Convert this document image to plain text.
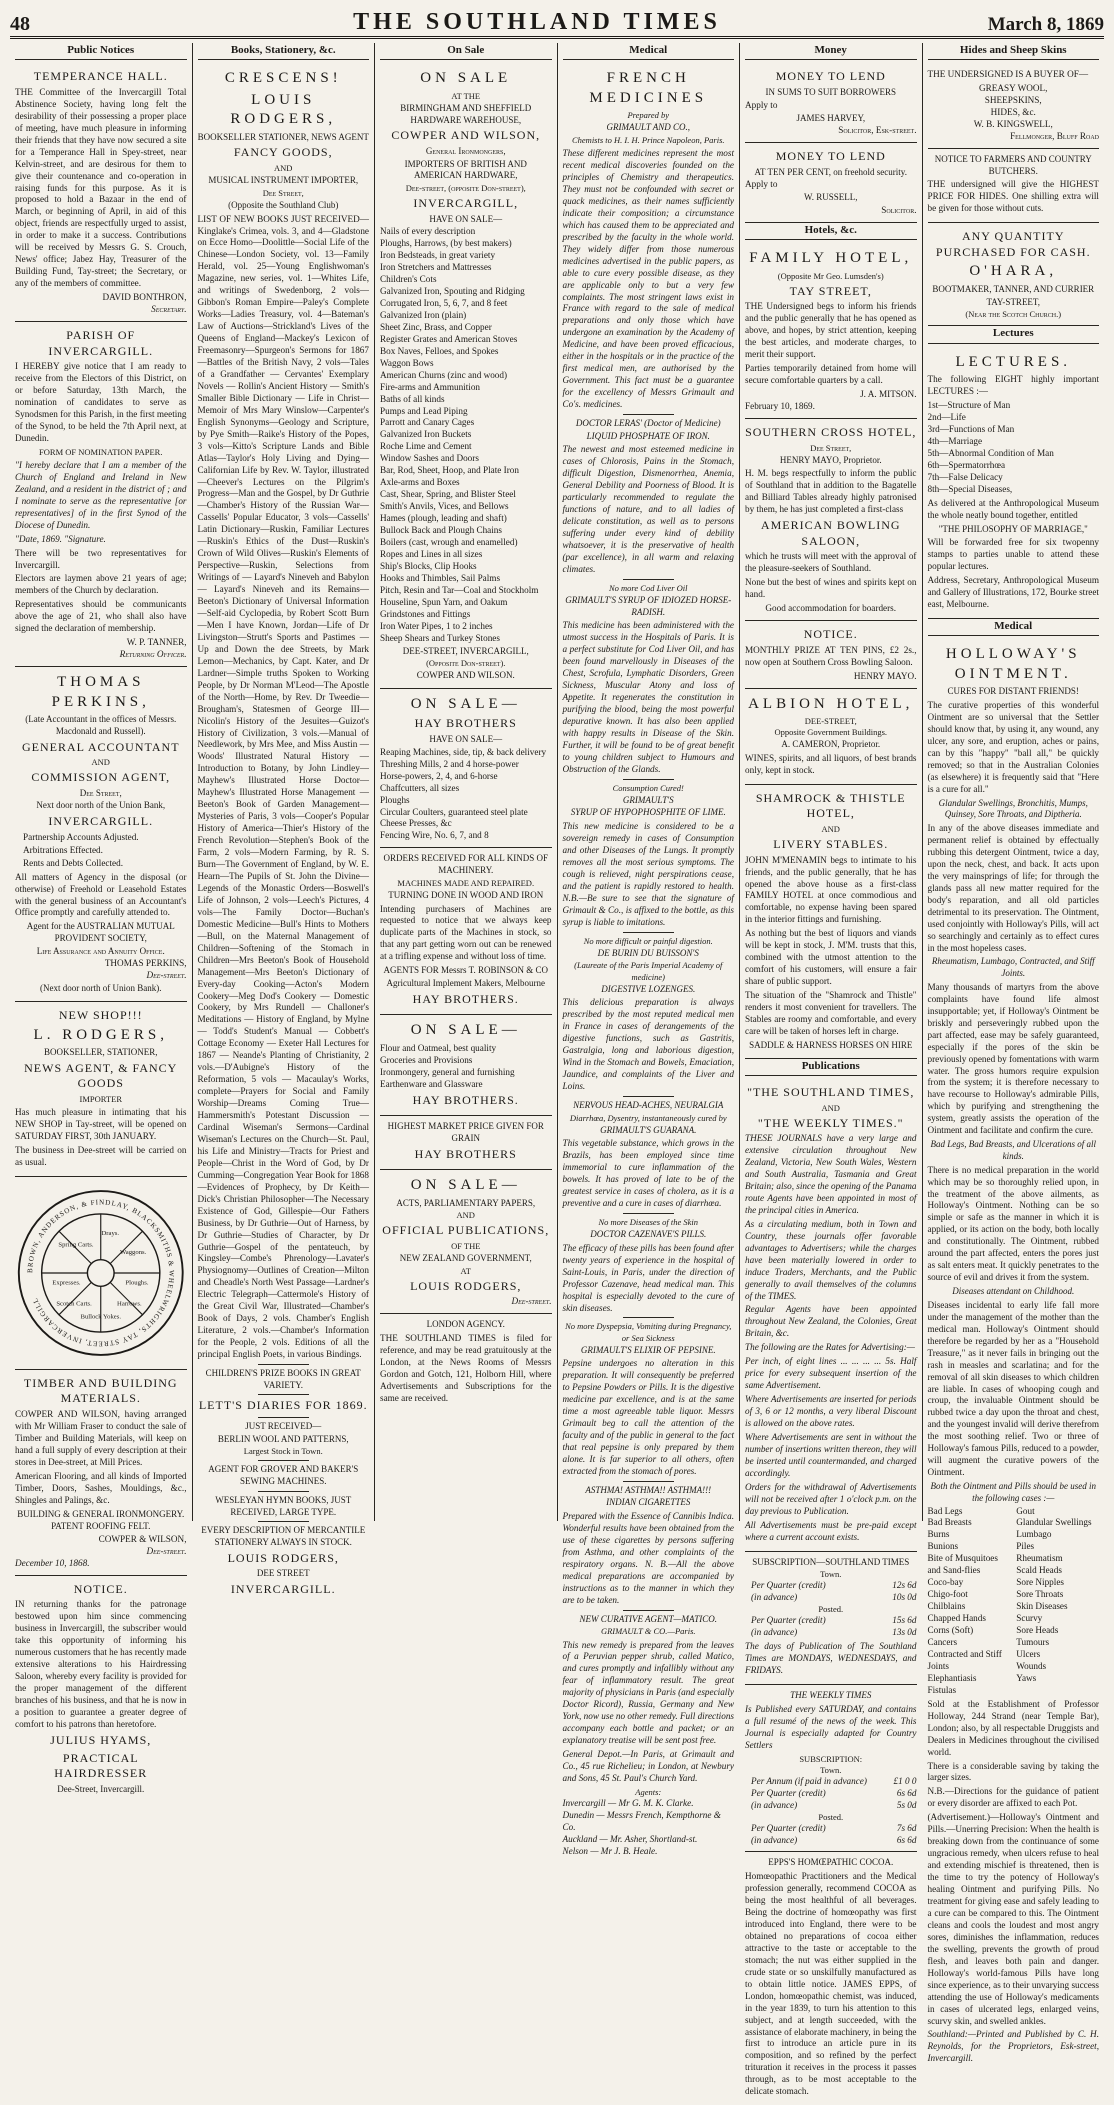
48	THE SOUTHLAND TIMES	March 8, 1869
Public Notices
TEMPERANCE HALL.

THE Committee of the Invercargill Total Abstinence Society, having long felt the desirability of their possessing a proper place of meeting, have much pleasure in informing their friends that they have now secured a site for a Temperance Hall in Spey-street, near Kelvin-street, and are desirous for them to give their countenance and co-operation in raising funds for this purpose. As it is proposed to hold a Bazaar in the end of March, or beginning of April, in aid of this object, friends are respectfully urged to assist, in order to make it a success. Contributions will be received by Messrs G. S. Crouch, News' office; Jabez Hay, Treasurer of the Building Fund, Tay-street; the Secretary, or any of the members of committee.

DAVID BONTHRON,
Secretary.
PARISH OF INVERCARGILL.

I HEREBY give notice that I am ready to receive from the Electors of this District, on or before Saturday, 13th March, the nomination of candidates to serve as Synodsmen for this Parish, in the first meeting of the Synod, to be held the 7th April next, at Dunedin.

FORM OF NOMINATION PAPER.

"I hereby declare that I am a member of the Church of England and Ireland in New Zealand, and a resident in the district of ; and I nominate to serve as the representative [or representatives] of in the first Synod of the Diocese of Dunedin.

"Date, 1869. "Signature.

There will be two representatives for Invercargill.

Electors are laymen above 21 years of age; members of the Church by declaration.

Representatives should be communicants above the age of 21, who shall also have signed the declaration of membership.

W. P. TANNER,
Returning Officer.
THOMAS PERKINS,
(Late Accountant in the offices of Messrs. Macdonald and Russell).
GENERAL ACCOUNTANT
AND
COMMISSION AGENT,
Dee Street,
Next door north of the Union Bank,
INVERCARGILL.
Partnership Accounts Adjusted.
Arbitrations Effected.
Rents and Debts Collected.

All matters of Agency in the disposal (or otherwise) of Freehold or Leasehold Estates with the general business of an Accountant's Office promptly and carefully attended to.

Agent for the AUSTRALIAN MUTUAL PROVIDENT SOCIETY,
Life Assurance and Annuity Office.
THOMAS PERKINS,
Dee-street.
(Next door north of Union Bank).
NEW SHOP!!!
L. RODGERS,
BOOKSELLER, STATIONER,
NEWS AGENT, & FANCY GOODS
IMPORTER

Has much pleasure in intimating that his NEW SHOP in Tay-street, will be opened on SATURDAY FIRST, 30th JANUARY.

The business in Dee-street will be carried on as usual.

BROWN, ANDERSON, & FINDLAY, BLACKSMITHS & WHEELWRIGHTS, TAY STREET, INVERCARGILL
Drays.
Waggons.
Spring Carts.
Ploughs.
Expresses.
Harrows.
Scotch Carts.
Bullock Yokes.
TIMBER AND BUILDING MATERIALS.

COWPER AND WILSON, having arranged with Mr William Fraser to conduct the sale of Timber and Building Materials, will keep on hand a full supply of every description at their stores in Dee-street, at Mill Prices.

American Flooring, and all kinds of Imported Timber, Doors, Sashes, Mouldings, &c., Shingles and Palings, &c.

BUILDING & GENERAL IRONMONGERY.
PATENT ROOFING FELT.
COWPER & WILSON,
Dee-street.
December 10, 1868.
NOTICE.

IN returning thanks for the patronage bestowed upon him since commencing business in Invercargill, the subscriber would take this opportunity of informing his numerous customers that he has recently made extensive alterations to his Hairdressing Saloon, whereby every facility is provided for the proper management of the different branches of his business, and that he is now in a position to guarantee a greater degree of comfort to his patrons than heretofore.

JULIUS HYAMS,
PRACTICAL HAIRDRESSER
Dee-Street, Invercargill.
Books, Stationery, &c.
CRESCENS!
LOUIS RODGERS,
BOOKSELLER STATIONER, NEWS AGENT
FANCY GOODS,
AND
MUSICAL INSTRUMENT IMPORTER,
Dee Street,
(Opposite the Southland Club)

LIST OF NEW BOOKS JUST RECEIVED— Kinglake's Crimea, vols. 3, and 4—Gladstone on Ecce Homo—Doolittle—Social Life of the Chinese—London Society, vol. 13—Family Herald, vol. 25—Young Englishwoman's Magazine, new series, vol. 1—Whites Life, and writings of Swedenborg, 2 vols—Gibbon's Roman Empire—Paley's Complete Works—Ladies Treasury, vol. 4—Bateman's Law of Auctions—Strickland's Lives of the Queens of England—Mackey's Lexicon of Freemasonry—Spurgeon's Sermons for 1867—Battles of the British Navy, 2 vols—Tales of a Grandfather — Cervantes' Exemplary Novels — Rollin's Ancient History — Smith's Smaller Bible Dictionary — Life in Christ—Memoir of Mrs Mary Winslow—Carpenter's English Synonyms—Geology and Scripture, by Pye Smith—Raike's History of the Popes, 3 vols—Kitto's Scripture Lands and Bible Atlas—Taylor's Holy Living and Dying—Californian Life by Rev. W. Taylor, illustrated—Cheever's Lectures on the Pilgrim's Progress—Man and the Gospel, by Dr Guthrie—Chamber's History of the Russian War—Cassells' Popular Educator, 3 vols—Cassells' Latin Dictionary—Ruskin, Familiar Lectures—Ruskin's Ethics of the Dust—Ruskin's Crown of Wild Olives—Ruskin's Elements of Perspective—Ruskin, Selections from Writings of — Layard's Nineveh and Babylon — Layard's Nineveh and its Remains—Beeton's Dictionary of Universal Information —Self-aid Cyclopedia, by Robert Scott Burn—Men I have Known, Jordan—Life of Dr Livingston—Strutt's Sports and Pastimes —Up and Down the dee Streets, by Mark Lemon—Mechanics, by Capt. Kater, and Dr Lardner—Simple truths Spoken to Working People, by Dr Norman M'Leod—The Apostle of the North—Home, by Rev. Dr Tweedie—Brougham's, Statesmen of George III—Nicolin's History of the Jesuites—Guizot's History of Civilization, 3 vols.—Manual of Needlework, by Mrs Mee, and Miss Austin — Woods' Illustrated Natural History — Introduction to Botany, by John Lindley—Mayhew's Illustrated Horse Doctor—Mayhew's Illustrated Horse Management — Beeton's Book of Garden Management— Mysteries of Paris, 3 vols—Cooper's Popular History of America—Thier's History of the French Revolution—Stephen's Book of the Farm, 2 vols—Modern Farming, by R. S. Burn—The Government of England, by W. E. Hearn—The Pupils of St. John the Divine—Legends of the Monastic Orders—Boswell's Life of Johnson, 2 vols—Leech's Pictures, 4 vols—The Family Doctor—Buchan's Domestic Medicine—Bull's Hints to Mothers—Bull, on the Maternal Management of Children—Softening of the Stomach in Children—Mrs Beeton's Book of Household Management—Mrs Beeton's Dictionary of Every-day Cooking—Acton's Modern Cookery—Meg Dod's Cookery — Domestic Cookery, by Mrs Rundell — Challoner's Meditations — History of England, by Mylne — Todd's Student's Manual — Cobbett's Cottage Economy — Exeter Hall Lectures for 1867 — Neande's Planting of Christianity, 2 vols.—D'Aubigne's History of the Reformation, 5 vols — Macaulay's Works, complete—Prayers for Social and Family Worship—Dreams Coming True—Hammersmith's Potestant Discussion — Cardinal Wiseman's Sermons—Cardinal Wiseman's Lectures on the Church—St. Paul, his Life and Ministry—Tracts for Priest and People—Christ in the Word of God, by Dr Cumming—Congregation Year Book for 1868—Evidences of Prophecy, by Dr Keith—Dick's Christian Philosopher—The Necessary Existence of God, Gillespie—Our Fathers Business, by Dr Guthrie—Out of Harness, by Dr Guthrie—Studies of Character, by Dr Guthrie—Gospel of the pentateuch, by Kingsley—Combe's Phrenology—Lavater's Physiognomy—Outlines of Creation—Milton and Cheadle's North West Passage—Lardner's Electric Telegraph—Cattermole's History of the Great Civil War, Illustrated—Chamber's Book of Days, 2 vols. Chamber's English Literature, 2 vols.—Chamber's Information for the People, 2 vols. Editions of all the principal English Poets, in various Bindings.

CHILDREN'S PRIZE BOOKS IN GREAT VARIETY.
LETT'S DIARIES FOR 1869.
JUST RECEIVED—
BERLIN WOOL AND PATTERNS,
Largest Stock in Town.
AGENT FOR GROVER AND BAKER'S SEWING MACHINES.
WESLEYAN HYMN BOOKS, JUST RECEIVED, LARGE TYPE.
EVERY DESCRIPTION OF MERCANTILE STATIONERY ALWAYS IN STOCK.
LOUIS RODGERS,
DEE STREET
INVERCARGILL.
On Sale
ON SALE
AT THE
BIRMINGHAM AND SHEFFIELD HARDWARE WAREHOUSE,
COWPER AND WILSON,
General Ironmongers,
IMPORTERS OF BRITISH AND AMERICAN HARDWARE,
Dee-street, (opposite Don-street),
INVERCARGILL,
HAVE ON SALE—
Nails of every description
Ploughs, Harrows, (by best makers)
Iron Bedsteads, in great variety
Iron Stretchers and Mattresses
Children's Cots
Galvanized Iron, Spouting and Ridging
Corrugated Iron, 5, 6, 7, and 8 feet
Galvanized Iron (plain)
Sheet Zinc, Brass, and Copper
Register Grates and American Stoves
Box Naves, Felloes, and Spokes
Waggon Bows
American Churns (zinc and wood)
Fire-arms and Ammunition
Baths of all kinds
Pumps and Lead Piping
Parrott and Canary Cages
Galvanized Iron Buckets
Roche Lime and Cement
Window Sashes and Doors
Bar, Rod, Sheet, Hoop, and Plate Iron
Axle-arms and Boxes
Cast, Shear, Spring, and Blister Steel
Smith's Anvils, Vices, and Bellows
Hames (plough, leading and shaft)
Bullock Back and Plough Chains
Boilers (cast, wrough and enamelled)
Ropes and Lines in all sizes
Ship's Blocks, Clip Hooks
Hooks and Thimbles, Sail Palms
Pitch, Resin and Tar—Coal and Stockholm
Houseline, Spun Yarn, and Oakum
Grindstones and Fittings
Iron Water Pipes, 1 to 2 inches
Sheep Shears and Turkey Stones
DEE-STREET, INVERCARGILL,
(Opposite Don-street).
COWPER AND WILSON.
ON SALE—
HAY BROTHERS
HAVE ON SALE—
Reaping Machines, side, tip, & back delivery
Threshing Mills, 2 and 4 horse-power
Horse-powers, 2, 4, and 6-horse
Chaffcutters, all sizes
Ploughs
Circular Coulters, guaranteed steel plate
Cheese Presses, &c
Fencing Wire, No. 6, 7, and 8
ORDERS RECEIVED FOR ALL KINDS OF MACHINERY.
MACHINES MADE AND REPAIRED.
TURNING DONE IN WOOD AND IRON

Intending purchasers of Machines are requested to notice that we always keep duplicate parts of the Machines in stock, so that any part getting worn out can be renewed at a trifling expense and without loss of time.

AGENTS FOR Messrs T. ROBINSON & CO
Agricultural Implement Makers, Melbourne
HAY BROTHERS.
ON SALE—
Flour and Oatmeal, best quality
Groceries and Provisions
Ironmongery, general and furnishing
Earthenware and Glassware
HAY BROTHERS.
HIGHEST MARKET PRICE GIVEN FOR GRAIN
HAY BROTHERS
ON SALE—
ACTS, PARLIAMENTARY PAPERS,
AND
OFFICIAL PUBLICATIONS,
OF THE
NEW ZEALAND GOVERNMENT,
AT
LOUIS RODGERS,
Dee-street.
LONDON AGENCY.

THE SOUTHLAND TIMES is filed for reference, and may be read gratuitously at the London, at the News Rooms of Messrs Gordon and Gotch, 121, Holborn Hill, where Advertisements and Subscriptions for the same are received.

Medical
FRENCH MEDICINES
Prepared by
GRIMAULT AND CO.,
Chemists to H. I. H. Prince Napoleon, Paris.

These different medicines represent the most recent medical discoveries founded on the principles of Chemistry and therapeutics. They must not be confounded with secret or quack medicines, as their names sufficiently indicate their composition; a circumstance which has caused them to be appreciated and prescribed by the faculty in the whole world. They widely differ from those numerous medicines advertised in the public papers, as able to cure every possible disease, as they are applicable only to but a very few complaints. The most stringent laws exist in France with regard to the sale of medical preparations and only those which have undergone an examination by the Academy of Medicine, and have been proved efficacious, either in the hospitals or in the practice of the first medical men, are authorised by the Government. This fact must be a guarantee for the excellency of Messrs Grimault and Co's. medicines.

DOCTOR LERAS' (Doctor of Medicine)
LIQUID PHOSPHATE OF IRON.

The newest and most esteemed medicine in cases of Chlorosis, Pains in the Stomach, difficult Digestion, Dismenorrhea, Anemia, General Debility and Poorness of Blood. It is particularly recommended to regulate the functions of nature, and to all ladies of delicate constitution, as well as to persons suffering under every kind of debility whatsoever, it is the preservative of health (par excellence), in all warm and relaxing climates.

No more Cod Liver Oil
GRIMAULT'S SYRUP OF IDIOZED HORSE-RADISH.

This medicine has been administered with the utmost success in the Hospitals of Paris. It is a perfect substitute for Cod Liver Oil, and has been found marvellously in Diseases of the Chest, Scrofula, Lymphatic Disorders, Green Sickness, Muscular Atony and loss of Appetite. It regenerates the constitution in purifying the blood, being the most powerful depurative known. It has also been applied with happy results in Disease of the Skin. Further, it will be found to be of great benefit to young children subject to Humours and Obstruction of the Glands.

Consumption Cured!
GRIMAULT'S
SYRUP OF HYPOPHOSPHITE OF LIME.

This new medicine is considered to be a sovereign remedy in cases of Consumption and other Diseases of the Lungs. It promptly removes all the most serious symptoms. The cough is relieved, night perspirations cease, and the patient is rapidly restored to health. N.B.—Be sure to see that the signature of Grimault & Co., is affixed to the bottle, as this syrup is liable to imitations.

No more difficult or painful digestion.
DE BURIN DU BUISSON'S
(Laureate of the Paris Imperial Academy of medicine)
DIGESTIVE LOZENGES.

This delicious preparation is always prescribed by the most reputed medical men in France in cases of derangements of the digestive functions, such as Gastritis, Gastralgia, long and laborious digestion, Wind in the Stomach and Bowels, Emaciation, Jaundice, and complaints of the Liver and Loins.

NERVOUS HEAD-ACHES, NEURALGIA
Diarrhœa, Dysentry, instantaneously cured by
GRIMAULT'S GUARANA.

This vegetable substance, which grows in the Brazils, has been employed since time immemorial to cure inflammation of the bowels. It has proved of late to be of the greatest service in cases of cholera, as it is a preventive and a cure in cases of diarrhœa.

No more Diseases of the Skin
DOCTOR CAZENAVE'S PILLS.

The efficacy of these pills has been found after twenty years of experience in the hospital of Saint-Louis, in Paris, under the direction of Professor Cazenave, head medical man. This hospital is especially devoted to the cure of skin diseases.

No more Dyspepsia, Vomiting during Pregnancy, or Sea Sickness
GRIMAULT'S ELIXIR OF PEPSINE.

Pepsine undergoes no alteration in this preparation. It will consequently be preferred to Pepsine Powders or Pills. It is the digestive medicine par excellence, and is at the same time a most agreeable table liquor. Messrs Grimault beg to call the attention of the faculty and of the public in general to the fact that real pepsine is only prepared by them alone. It is far superior to all others, often extracted from the stomach of pores.

ASTHMA! ASTHMA!! ASTHMA!!!
INDIAN CIGARETTES

Prepared with the Essence of Cannibis Indica. Wonderful results have been obtained from the use of these cigarettes by persons suffering from Asthma, and other complaints of the respiratory organs. N. B.—All the above medical preparations are accompanied by instructions as to the manner in which they are to be taken.

NEW CURATIVE AGENT—MATICO.
GRIMAULT & CO.—Paris.

This new remedy is prepared from the leaves of a Peruvian pepper shrub, called Matico, and cures promptly and infallibly without any fear of inflammatory result. The great majority of physicians in Paris (and especially Doctor Ricord), Russia, Germany and New York, now use no other remedy. Full directions accompany each bottle and packet; or an explanatory treatise will be sent post free.

General Depot.—In Paris, at Grimault and Co., 45 rue Richelieu; in London, at Newbury and Sons, 45 St. Paul's Church Yard.

Agents:
Invercargill — Mr G. M. K. Clarke.
Dunedin — Messrs French, Kempthorne & Co.
Auckland — Mr. Asher, Shortland-st.
Nelson — Mr J. B. Heale.
Money
MONEY TO LEND
IN SUMS TO SUIT BORROWERS
Apply to
JAMES HARVEY,
Solicitor, Esk-street.
MONEY TO LEND
AT TEN PER CENT, on freehold security.
Apply to
W. RUSSELL,
Solicitor.
Hotels, &c.
FAMILY HOTEL,
(Opposite Mr Geo. Lumsden's)
TAY STREET,

THE Undersigned begs to inform his friends and the public generally that he has opened as above, and hopes, by strict attention, keeping the best articles, and moderate charges, to merit their support.

Parties temporarily detained from home will secure comfortable quarters by a call.

J. A. MITSON.
February 10, 1869.
SOUTHERN CROSS HOTEL,
Dee Street,
HENRY MAYO, Proprietor.

H. M. begs respectfully to inform the public of Southland that in addition to the Bagatelle and Billiard Tables already highly patronised by them, he has just completed a first-class

AMERICAN BOWLING SALOON,

which he trusts will meet with the approval of the pleasure-seekers of Southland.

None but the best of wines and spirits kept on hand.

Good accommodation for boarders.
NOTICE.

MONTHLY PRIZE AT TEN PINS, £2 2s., now open at Southern Cross Bowling Saloon.

HENRY MAYO.
ALBION HOTEL,
DEE-STREET,
Opposite Government Buildings.
A. CAMERON, Proprietor.

WINES, spirits, and all liquors, of best brands only, kept in stock.

SHAMROCK & THISTLE HOTEL,
AND
LIVERY STABLES.

JOHN M'MENAMIN begs to intimate to his friends, and the public generally, that he has opened the above house as a first-class FAMILY HOTEL at once commodious and comfortable, no expense having been spared in the interior fittings and furnishing.

As nothing but the best of liquors and viands will be kept in stock, J. M'M. trusts that this, combined with the utmost attention to the comfort of his customers, will ensure a fair share of public support.

The situation of the "Shamrock and Thistle" renders it most convenient for travellers. The Stables are roomy and comfortable, and every care will be taken of horses left in charge.

SADDLE & HARNESS HORSES ON HIRE
Publications
"THE SOUTHLAND TIMES,
AND
"THE WEEKLY TIMES."

THESE JOURNALS have a very large and extensive circulation throughout New Zealand, Victoria, New South Wales, Western and South Australia, Tasmania and Great Britain; also, since the opening of the Panama route Agents have been appointed in most of the principal cities in America.

As a circulating medium, both in Town and Country, these journals offer favorable advantages to Advertisers; while the charges have been materially lowered in order to induce Traders, Merchants, and the Public generally to avail themselves of the columns of the TIMES.

Regular Agents have been appointed throughout New Zealand, the Colonies, Great Britain, &c.

The following are the Rates for Advertising:—

Per inch, of eight lines ... ... ... ... 5s. Half price for every subsequent insertion of the same Advertisement.

Where Advertisements are inserted for periods of 3, 6 or 12 months, a very liberal Discount is allowed on the above rates.

Where Advertisements are sent in without the number of insertions written thereon, they will be inserted until countermanded, and charged accordingly.

Orders for the withdrawal of Advertisements will not be received after 1 o'clock p.m. on the day previous to Publication.

All Advertisements must be pre-paid except where a current account exists.

SUBSCRIPTION—SOUTHLAND TIMES
Town.
Per Quarter (credit)	12s 6d
(in advance)	10s 0d
Posted.
Per Quarter (credit)	15s 6d
(in advance)	13s 0d

The days of Publication of The Southland Times are MONDAYS, WEDNESDAYS, and FRIDAYS.

THE WEEKLY TIMES

Is Published every SATURDAY, and contains a full resumé of the news of the week. This Journal is especially adapted for Country Settlers

SUBSCRIPTION:
Town.
Per Annum (if paid in advance)	£1 0 0
Per Quarter (credit)	6s 6d
(in advance)	5s 0d
Posted.
Per Quarter (credit)	7s 6d
(in advance)	6s 6d
EPPS'S HOMŒPATHIC COCOA.

Homœopathic Practitioners and the Medical profession generally, recommend COCOA as being the most healthful of all beverages. Being the doctrine of homœopathy was first introduced into England, there were to be obtained no preparations of cocoa either attractive to the taste or acceptable to the stomach; the nut was either supplied in the crude state or so unskilfully manufactured as to obtain little notice. JAMES EPPS, of London, homœopathic chemist, was induced, in the year 1839, to turn his attention to this subject, and at length succeeded, with the assistance of elaborate machinery, in being the first to introduce an article pure in its composition, and so refined by the perfect trituration it receives in the process it passes through, as to be most acceptable to the delicate stomach.

Hides and Sheep Skins

THE UNDERSIGNED IS A BUYER OF—

GREASY WOOL,
SHEEPSKINS,
HIDES, &c.
W. B. KINGSWELL,
Fellmonger, Bluff Road
NOTICE TO FARMERS AND COUNTRY BUTCHERS.

THE undersigned will give the HIGHEST PRICE FOR HIDES. One shilling extra will be given for those without cuts.

ANY QUANTITY PURCHASED FOR CASH.
O'HARA,
BOOTMAKER, TANNER, AND CURRIER
TAY-STREET,
(Near the Scotch Church.)
Lectures
LECTURES.

The following EIGHT highly important LECTURES :—

1st—Structure of Man
2nd—Life
3rd—Functions of Man
4th—Marriage
5th—Abnormal Condition of Man
6th—Spermatorrhœa
7th—False Delicacy
8th—Special Diseases,

As delivered at the Anthropological Museum the whole neatly bound together, entitled

"THE PHILOSOPHY OF MARRIAGE,"

Will be forwarded free for six twopenny stamps to parties unable to attend these popular lectures.

Address, Secretary, Anthropological Museum and Gallery of Illustrations, 172, Bourke street east, Melbourne.

Medical
HOLLOWAY'S OINTMENT.
CURES FOR DISTANT FRIENDS!

The curative properties of this wonderful Ointment are so universal that the Settler should know that, by using it, any wound, any ulcer, any sore, and eruption, aches or pains, can by this "happy" "ball all," be quickly removed; so that in the Australian Colonies (as elsewhere) it is frequently said that "Here is a cure for all."

Glandular Swellings, Bronchitis, Mumps, Quinsey, Sore Throats, and Diptheria.

In any of the above diseases immediate and permanent relief is obtained by effectually rubbing this detergent Ointment, twice a day, upon the neck, chest, and back. It acts upon the very mainsprings of life; for through the glands pass all new matter required for the body's reparation, and all old particles detrimental to its preservation. The Ointment, used conjointly with Holloway's Pills, will act so searchingly and certainly as to effect cures in the most hopeless cases.

Rheumatism, Lumbago, Contracted, and Stiff Joints.

Many thousands of martyrs from the above complaints have found life almost insupportable; yet, if Holloway's Ointment be briskly and perseveringly rubbed upon the part affected, ease may be safely guaranteed, especially if the pores of the skin be previously opened by fomentations with warm water. The gross humors require expulsion from the system; it is therefore necessary to have recourse to Holloway's admirable Pills, which by purifying and strengthening the system, greatly assists the operation of the Ointment and facilitate and confirm the cure.

Bad Legs, Bad Breasts, and Ulcerations of all kinds.

There is no medical preparation in the world which may be so thoroughly relied upon, in the treatment of the above ailments, as Holloway's Ointment. Nothing can be so simple or safe as the manner in which it is applied, or its action on the body, both locally and constitutionally. The Ointment, rubbed around the part affected, enters the pores just as salt enters meat. It quickly penetrates to the source of evil and drives it from the system.

Diseases attendant on Childhood.

Diseases incidental to early life fall more under the management of the mother than the medical man. Holloway's Ointment should therefore be regarded by her as a "Household Treasure," as it never fails in bringing out the rash in measles and scarlatina; and for the removal of all skin diseases to which children are liable. In cases of whooping cough and croup, the invaluable Ointment should be rubbed twice a day upon the throat and chest, and the youngest invalid will derive therefrom the most soothing relief. Two or three of Holloway's famous Pills, reduced to a powder, will augment the curative powers of the Ointment.

Both the Ointment and Pills should be used in the following cases :—
Bad Legs
Bad Breasts
Burns
Bunions
Bite of Musquitoes and Sand-flies
Coco-bay
Chigo-foot
Chilblains
Chapped Hands
Corns (Soft)
Cancers
Contracted and Stiff Joints
Elephantiasis
Fistulas
Gout
Glandular Swellings
Lumbago
Piles
Rheumatism
Scald Heads
Sore Nipples
Sore Throats
Skin Diseases
Scurvy
Sore Heads
Tumours
Ulcers
Wounds
Yaws

Sold at the Establishment of Professor Holloway, 244 Strand (near Temple Bar), London; also, by all respectable Druggists and Dealers in Medicines throughout the civilised world.

There is a considerable saving by taking the larger sizes.

N.B.—Directions for the guidance of patient or every disorder are affixed to each Pot.

(Advertisement.)—Holloway's Ointment and Pills.—Unerring Precision: When the health is breaking down from the continuance of some ungracious remedy, when ulcers refuse to heal and extending mischief is threatened, then is the time to try the potency of Holloway's healing Ointment and purifying Pills. No treatment for giving ease and safely leading to a cure can be compared to this. The Ointment cleans and cools the loudest and most angry sores, diminishes the inflammation, reduces the swelling, prevents the growth of proud flesh, and leaves both pain and danger. Holloway's world-famous Pills have long since experience, as to their unvarying success attending the use of Holloway's medicaments in cases of ulcerated legs, enlarged veins, scurvy skin, and swelled ankles.

Southland:—Printed and Published by C. H. Reynolds, for the Proprietors, Esk-street, Invercargill.
